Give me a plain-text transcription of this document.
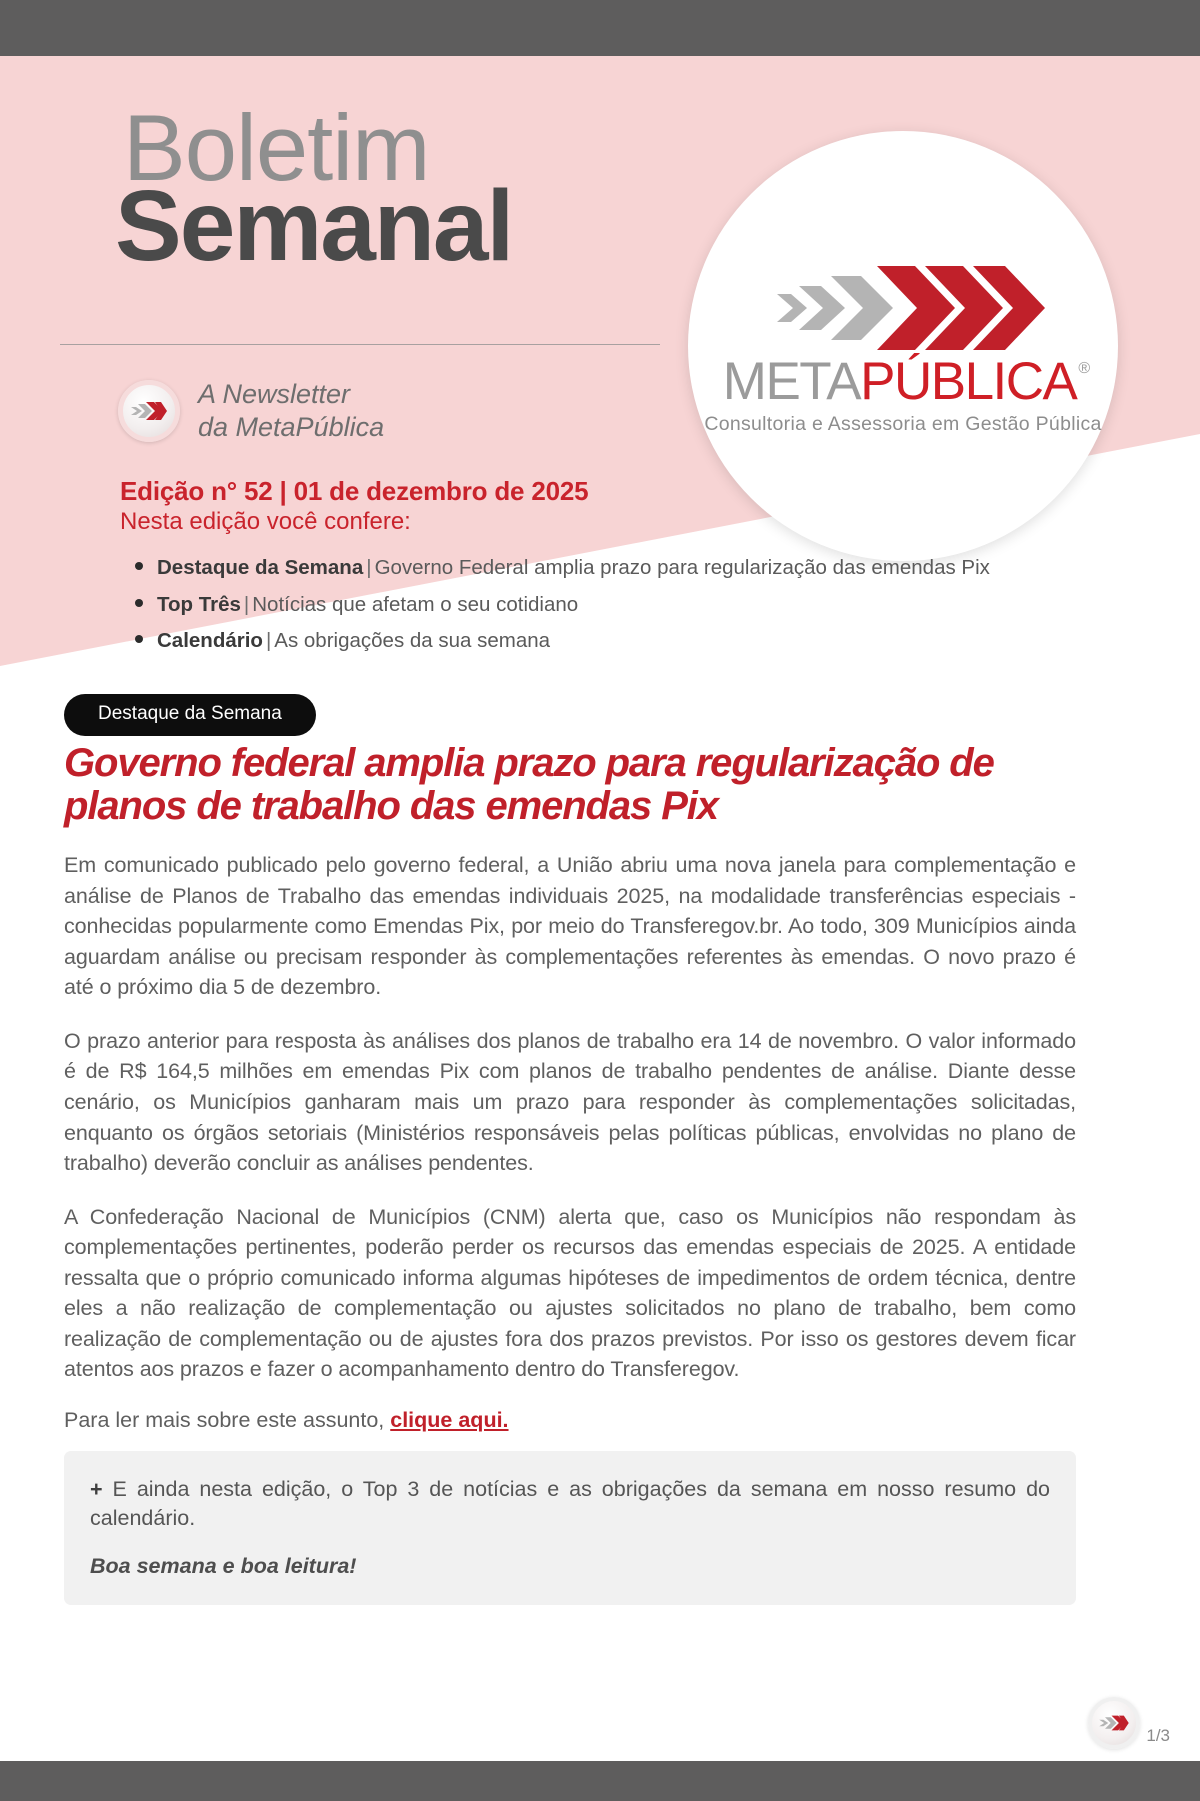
META PÚBLICA ®
Consultoria e Assessoria em Gestão Pública
Boletim
Semanal
A Newsletter
da MetaPública
Edição n° 52 | 01 de dezembro de 2025
Nesta edição você confere:
Destaque da Semana | Governo Federal amplia prazo para regularização das emendas Pix
Top Três | Notícias que afetam o seu cotidiano
Calendário | As obrigações da sua semana
Destaque da Semana
Governo federal amplia prazo para regularização de planos de trabalho das emendas Pix
Em comunicado publicado pelo governo federal, a União abriu uma nova janela para complementação e análise de Planos de Trabalho das emendas individuais 2025, na modalidade transferências especiais - conhecidas popularmente como Emendas Pix, por meio do Transferegov.br. Ao todo, 309 Municípios ainda aguardam análise ou precisam responder às complementações referentes às emendas. O novo prazo é até o próximo dia 5 de dezembro.
O prazo anterior para resposta às análises dos planos de trabalho era 14 de novembro. O valor informado é de R$ 164,5 milhões em emendas Pix com planos de trabalho pendentes de análise. Diante desse cenário, os Municípios ganharam mais um prazo para responder às complementações solicitadas, enquanto os órgãos setoriais (Ministérios responsáveis pelas políticas públicas, envolvidas no plano de trabalho) deverão concluir as análises pendentes.
A Confederação Nacional de Municípios (CNM) alerta que, caso os Municípios não respondam às complementações pertinentes, poderão perder os recursos das emendas especiais de 2025. A entidade ressalta que o próprio comunicado informa algumas hipóteses de impedimentos de ordem técnica, dentre eles a não realização de complementação ou ajustes solicitados no plano de trabalho, bem como realização de complementação ou de ajustes fora dos prazos previstos. Por isso os gestores devem ficar atentos aos prazos e fazer o acompanhamento dentro do Transferegov.
Para ler mais sobre este assunto, clique aqui.
+ E ainda nesta edição, o Top 3 de notícias e as obrigações da semana em nosso resumo do calendário.
Boa semana e boa leitura!
1/3
